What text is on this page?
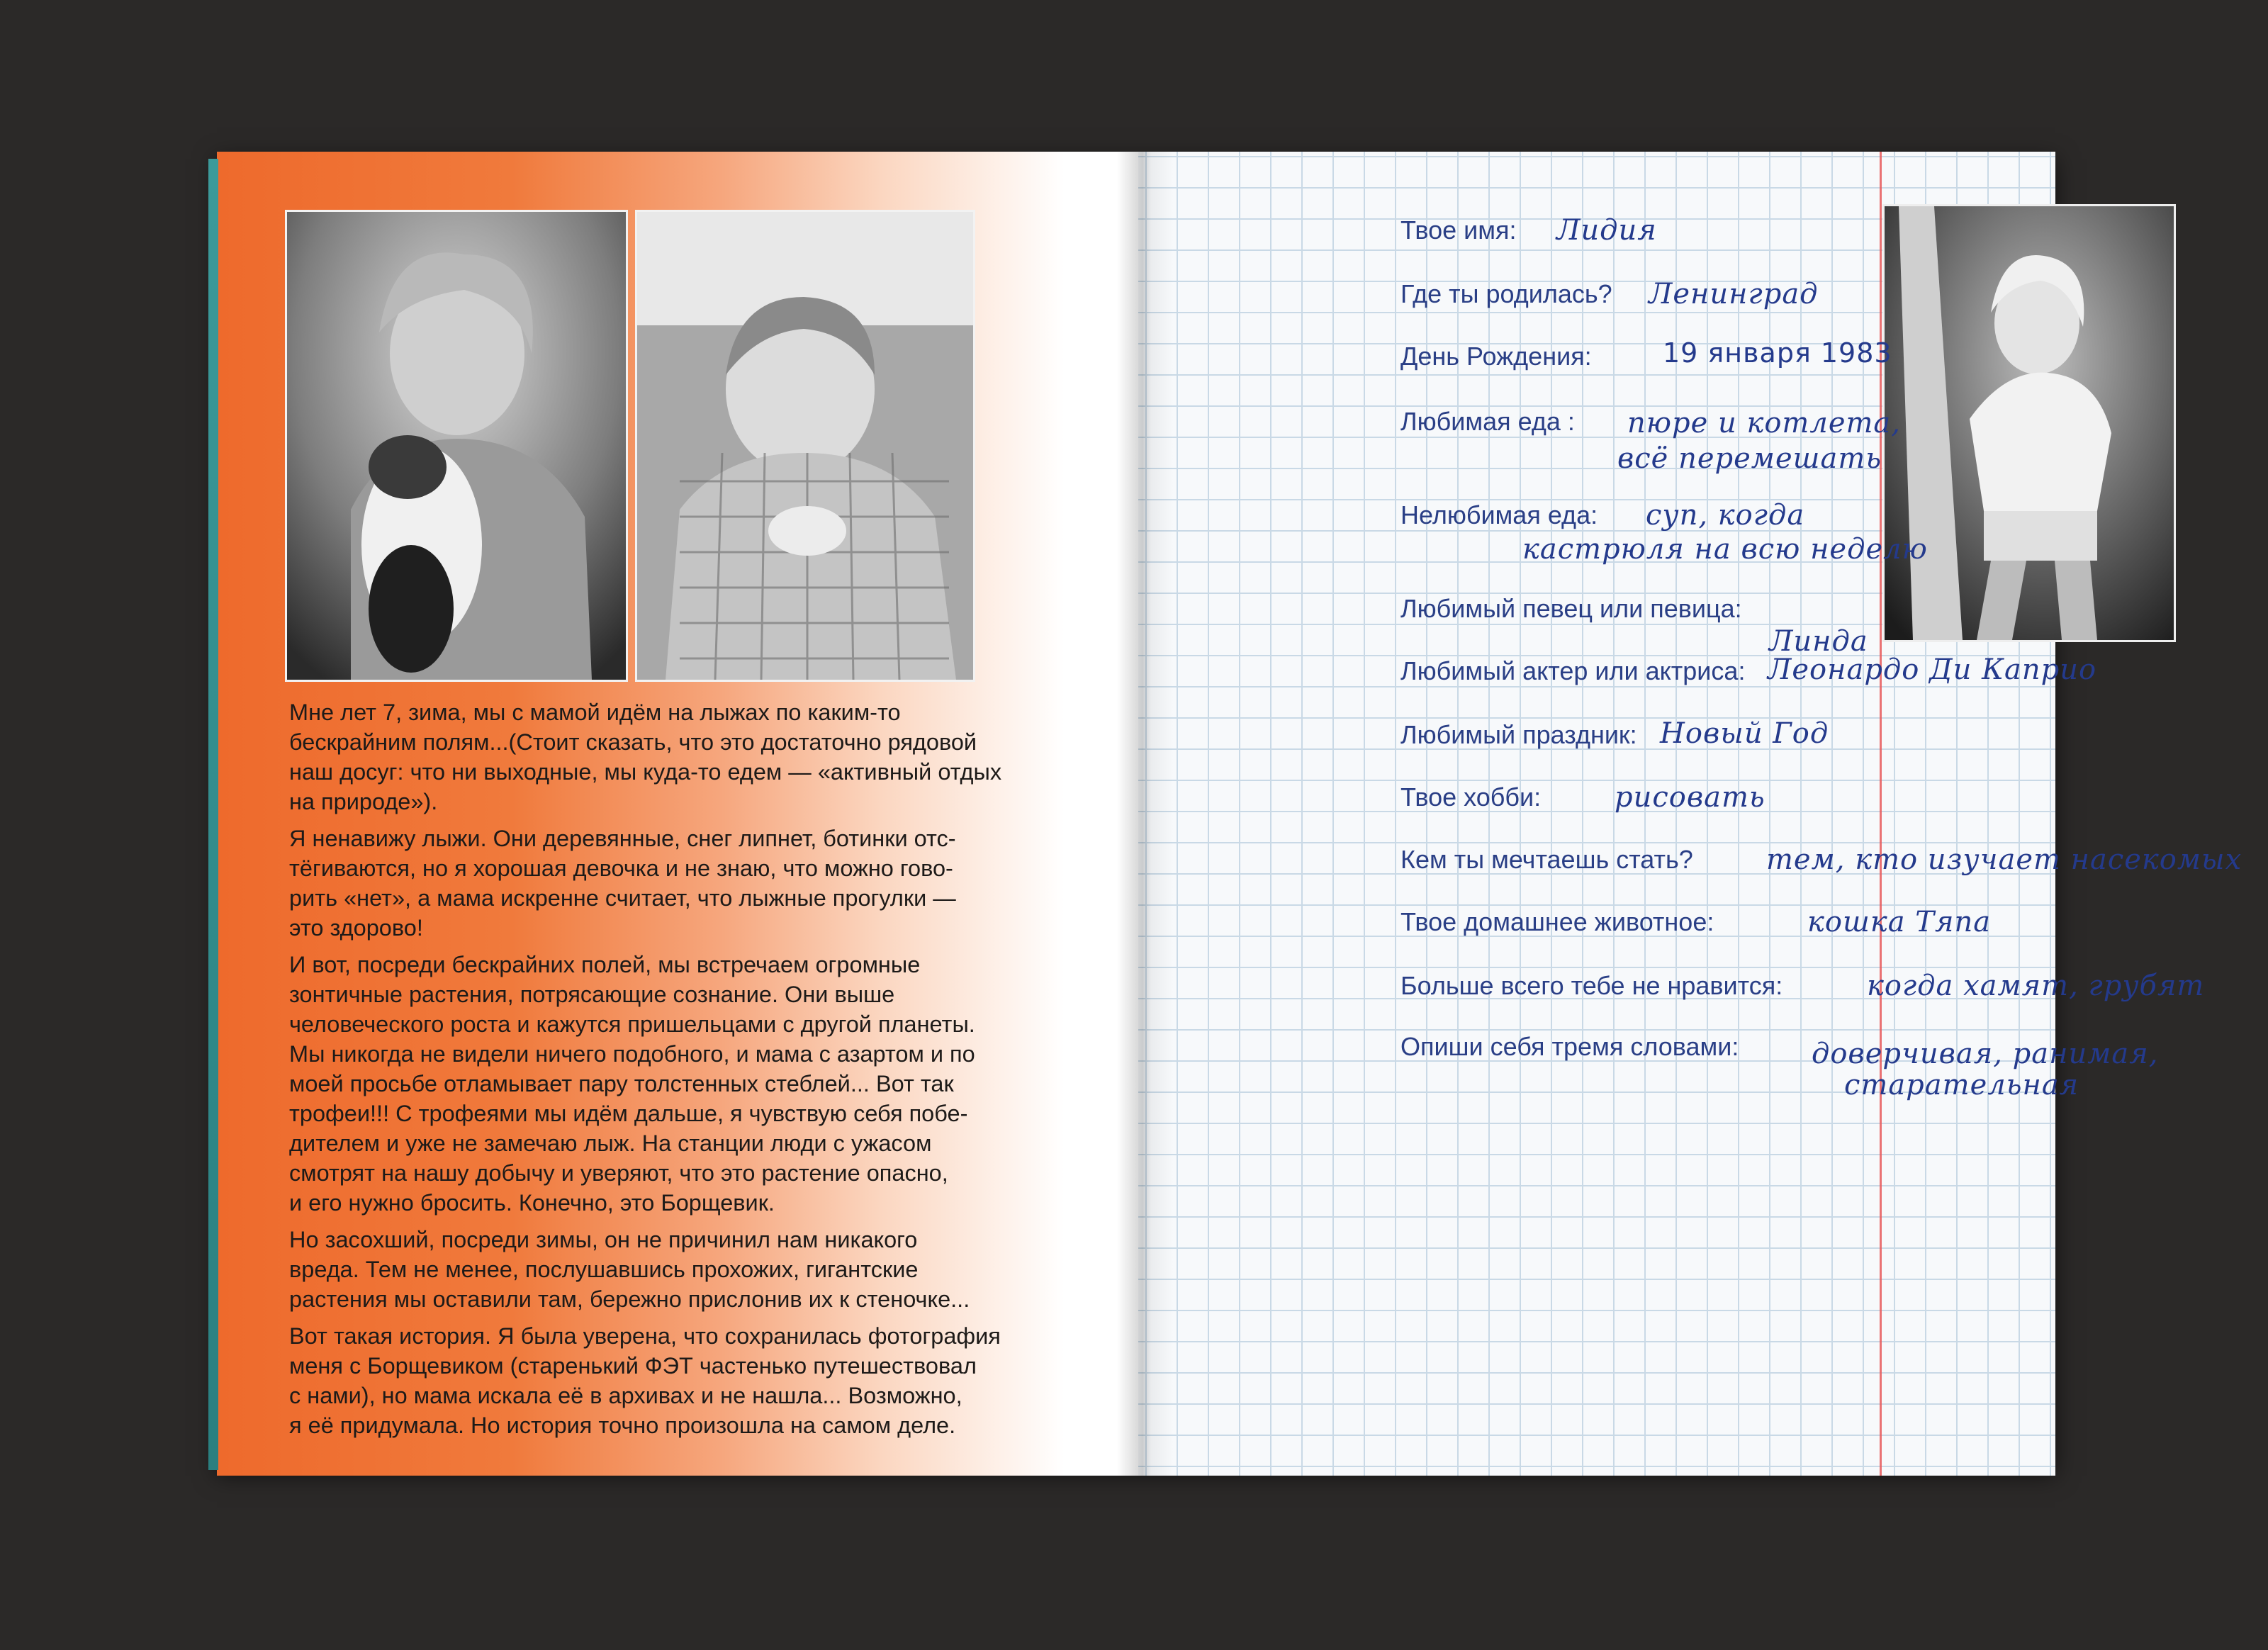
Мне лет 7, зима, мы с мамой идём на лыжах по каким-то
бескрайним полям...(Стоит сказать, что это достаточно рядовой
наш досуг: что ни выходные, мы куда-то едем — «активный отдых
на природе»).

Я ненавижу лыжи. Они деревянные, снег липнет, ботинки отс-
тёгиваются, но я хорошая девочка и не знаю, что можно гово-
рить «нет», а мама искренне считает, что лыжные прогулки —
это здорово!

И вот, посреди бескрайних полей, мы встречаем огромные
зонтичные растения, потрясающие сознание. Они выше
человеческого роста и кажутся пришельцами с другой планеты.
Мы никогда не видели ничего подобного, и мама с азартом и по
моей просьбе отламывает пару толстенных стеблей... Вот так
трофеи!!! С трофеями мы идём дальше, я чувствую себя побе-
дителем и уже не замечаю лыж. На станции люди с ужасом
смотрят на нашу добычу и уверяют, что это растение опасно,
и его нужно бросить. Конечно, это Борщевик.

Но засохший, посреди зимы, он не причинил нам никакого
вреда. Тем не менее, послушавшись прохожих, гигантские
растения мы оставили там, бережно прислонив их к стеночке...

Вот такая история. Я была уверена, что сохранилась фотография
меня с Борщевиком (старенький ФЭТ частенько путешествовал
с нами), но мама искала её в архивах и не нашла... Возможно,
я её придумала. Но история точно произошла на самом деле.

Твое имя: Лидия
Где ты родилась? Ленинград
День Рождения:	19 января 1983
Любимая еда : пюре и котлета,
всё перемешать
Нелюбимая еда: суп, когда
кастрюля на всю неделю
Любимый певец или певица:
Линда
Любимый актер или актриса: Леонардо Ди Каприо
Любимый праздник: Новый Год
Твое хобби:	рисовать
Кем ты мечтаешь стать?	тем, кто изучает насекомых
Твое домашнее животное:	кошка Тяпа
Больше всего тебе не нравится:	когда хамят, грубят
Опиши себя тремя словами:	доверчивая, ранимая,
старательная
